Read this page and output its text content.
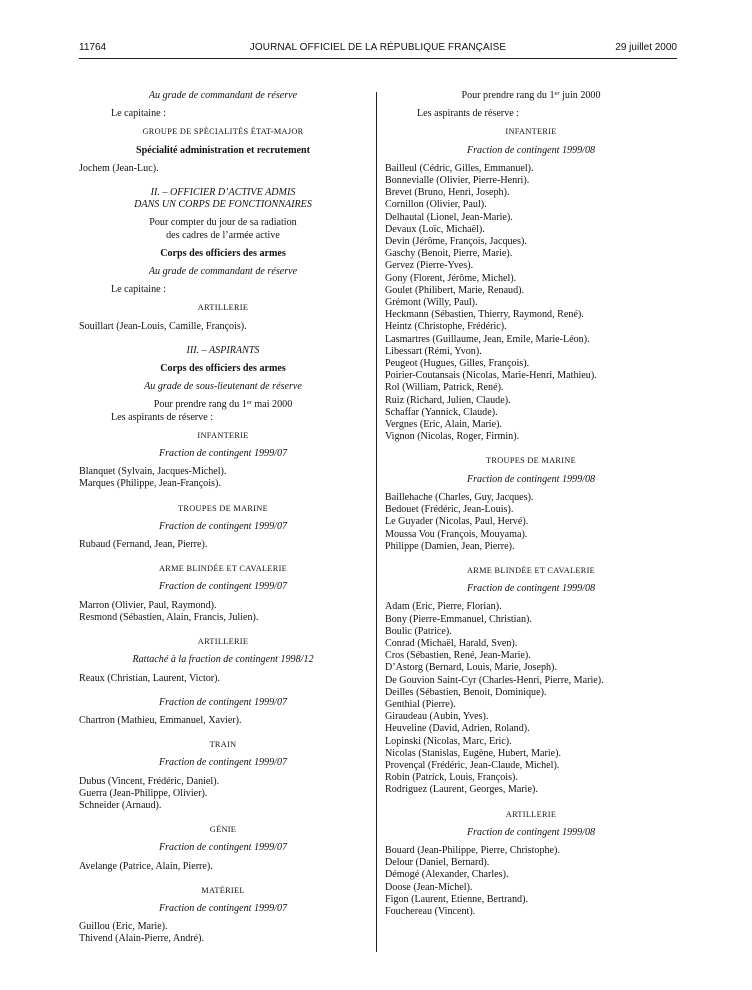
11764	JOURNAL OFFICIEL DE LA RÉPUBLIQUE FRANÇAISE	29 juillet 2000
Au grade de commandant de réserve
Le capitaine :
GROUPE DE SPÉCIALITÉS ÉTAT-MAJOR
Spécialité administration et recrutement
Jochem (Jean-Luc).
II. – OFFICIER D’ACTIVE ADMIS
DANS UN CORPS DE FONCTIONNAIRES
Pour compter du jour de sa radiation
des cadres de l’armée active
Corps des officiers des armes
Au grade de commandant de réserve
Le capitaine :
ARTILLERIE
Souillart (Jean-Louis, Camille, François).
III. – ASPIRANTS
Corps des officiers des armes
Au grade de sous-lieutenant de réserve
Pour prendre rang du 1er mai 2000
Les aspirants de réserve :
INFANTERIE
Fraction de contingent 1999/07
Blanquet (Sylvain, Jacques-Michel).
Marques (Philippe, Jean-François).
TROUPES DE MARINE
Fraction de contingent 1999/07
Rubaud (Fernand, Jean, Pierre).
ARME BLINDÉE ET CAVALERIE
Fraction de contingent 1999/07
Marron (Olivier, Paul, Raymond).
Resmond (Sébastien, Alain, Francis, Julien).
ARTILLERIE
Rattaché à la fraction de contingent 1998/12
Reaux (Christian, Laurent, Victor).
Fraction de contingent 1999/07
Chartron (Mathieu, Emmanuel, Xavier).
TRAIN
Fraction de contingent 1999/07
Dubus (Vincent, Frédéric, Daniel).
Guerra (Jean-Philippe, Olivier).
Schneider (Arnaud).
GÉNIE
Fraction de contingent 1999/07
Avelange (Patrice, Alain, Pierre).
MATÉRIEL
Fraction de contingent 1999/07
Guillou (Eric, Marie).
Thivend (Alain-Pierre, André).
Pour prendre rang du 1er juin 2000
Les aspirants de réserve :
INFANTERIE
Fraction de contingent 1999/08
Bailleul (Cédric, Gilles, Emmanuel).
Bonnevialle (Olivier, Pierre-Henri).
Brevet (Bruno, Henri, Joseph).
Cornillon (Olivier, Paul).
Delhautal (Lionel, Jean-Marie).
Devaux (Loïc, Michaël).
Devin (Jérôme, François, Jacques).
Gaschy (Benoit, Pierre, Marie).
Gervez (Pierre-Yves).
Gony (Florent, Jérôme, Michel).
Goulet (Philibert, Marie, Renaud).
Grémont (Willy, Paul).
Heckmann (Sébastien, Thierry, Raymond, René).
Heintz (Christophe, Frédéric).
Lasmartres (Guillaume, Jean, Emile, Marie-Léon).
Libessart (Rémi, Yvon).
Peugeot (Hugues, Gilles, François).
Poirier-Coutansais (Nicolas, Marie-Henri, Mathieu).
Rol (William, Patrick, René).
Ruiz (Richard, Julien, Claude).
Schaffar (Yannick, Claude).
Vergnes (Eric, Alain, Marie).
Vignon (Nicolas, Roger, Firmin).
TROUPES DE MARINE
Fraction de contingent 1999/08
Baillehache (Charles, Guy, Jacques).
Bedouet (Frédéric, Jean-Louis).
Le Guyader (Nicolas, Paul, Hervé).
Moussa Vou (François, Mouyama).
Philippe (Damien, Jean, Pierre).
ARME BLINDÉE ET CAVALERIE
Fraction de contingent 1999/08
Adam (Eric, Pierre, Florian).
Bony (Pierre-Emmanuel, Christian).
Boulic (Patrice).
Conrad (Michaël, Harald, Sven).
Cros (Sébastien, René, Jean-Marie).
D’Astorg (Bernard, Louis, Marie, Joseph).
De Gouvion Saint-Cyr (Charles-Henri, Pierre, Marie).
Deilles (Sébastien, Benoit, Dominique).
Genthial (Pierre).
Giraudeau (Aubin, Yves).
Heuveline (David, Adrien, Roland).
Lopinski (Nicolas, Marc, Eric).
Nicolas (Stanislas, Eugène, Hubert, Marie).
Provençal (Frédéric, Jean-Claude, Michel).
Robin (Patrick, Louis, François).
Rodriguez (Laurent, Georges, Marie).
ARTILLERIE
Fraction de contingent 1999/08
Bouard (Jean-Philippe, Pierre, Christophe).
Delour (Daniel, Bernard).
Démogé (Alexander, Charles).
Doose (Jean-Michel).
Figon (Laurent, Etienne, Bertrand).
Fouchereau (Vincent).
